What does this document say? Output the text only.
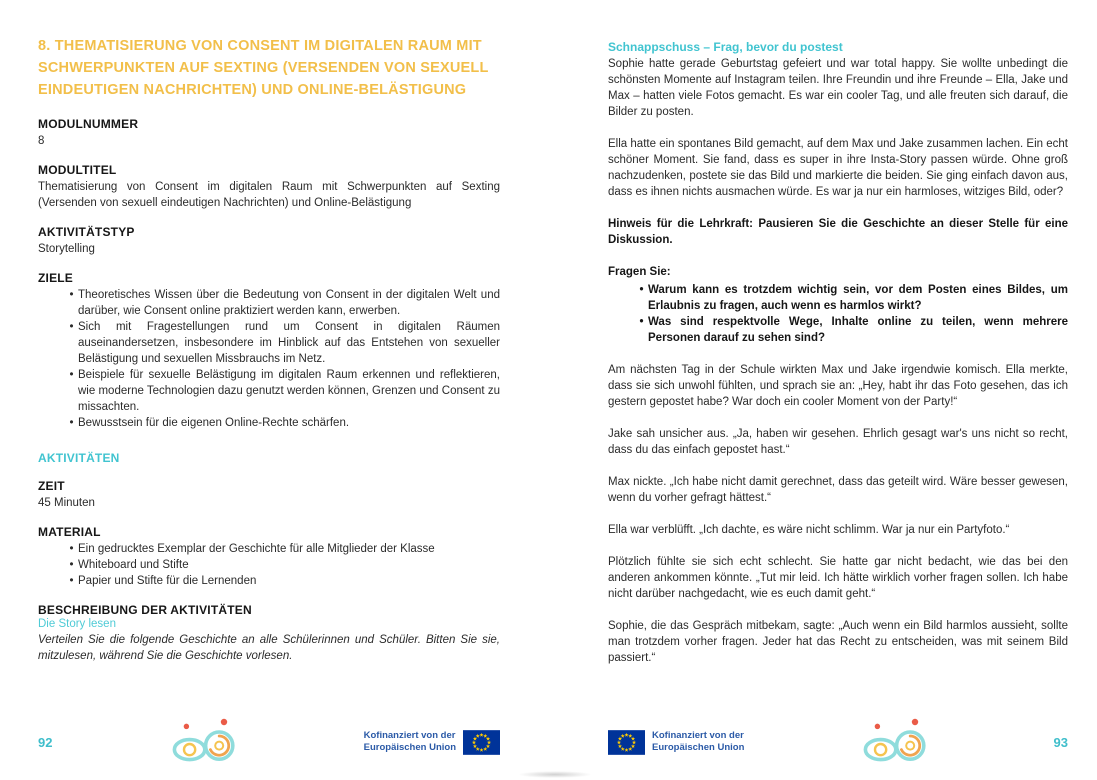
8. THEMATISIERUNG VON CONSENT IM DIGITALEN RAUM MIT SCHWERPUNKTEN AUF SEXTING (VERSENDEN VON SEXUELL EINDEUTIGEN NACHRICHTEN) UND ONLINE-BELÄSTIGUNG
MODULNUMMER
8
MODULTITEL
Thematisierung von Consent im digitalen Raum mit Schwerpunkten auf Sexting (Versenden von sexuell eindeutigen Nachrichten) und Online-Belästigung
AKTIVITÄTSTYP
Storytelling
ZIELE
• Theoretisches Wissen über die Bedeutung von Consent in der digitalen Welt und darüber, wie Consent online praktiziert werden kann, erwerben.
• Sich mit Fragestellungen rund um Consent in digitalen Räumen auseinandersetzen, insbesondere im Hinblick auf das Entstehen von sexueller Belästigung und sexuellen Missbrauchs im Netz.
• Beispiele für sexuelle Belästigung im digitalen Raum erkennen und reflektieren, wie moderne Technologien dazu genutzt werden können, Grenzen und Consent zu missachten.
• Bewusstsein für die eigenen Online-Rechte schärfen.
AKTIVITÄTEN
ZEIT
45 Minuten
MATERIAL
• Ein gedrucktes Exemplar der Geschichte für alle Mitglieder der Klasse
• Whiteboard und Stifte
• Papier und Stifte für die Lernenden
BESCHREIBUNG DER AKTIVITÄTEN
Die Story lesen
Verteilen Sie die folgende Geschichte an alle Schülerinnen und Schüler. Bitten Sie sie, mitzulesen, während Sie die Geschichte vorlesen.
Schnappschuss – Frag, bevor du postest
Sophie hatte gerade Geburtstag gefeiert und war total happy. Sie wollte unbedingt die schönsten Momente auf Instagram teilen. Ihre Freundin und ihre Freunde – Ella, Jake und Max – hatten viele Fotos gemacht. Es war ein cooler Tag, und alle freuten sich darauf, die Bilder zu posten.
Ella hatte ein spontanes Bild gemacht, auf dem Max und Jake zusammen lachen. Ein echt schöner Moment. Sie fand, dass es super in ihre Insta-Story passen würde. Ohne groß nachzudenken, postete sie das Bild und markierte die beiden. Sie ging einfach davon aus, dass es ihnen nichts ausmachen würde. Es war ja nur ein harmloses, witziges Bild, oder?
Hinweis für die Lehrkraft: Pausieren Sie die Geschichte an dieser Stelle für eine Diskussion.
Fragen Sie:
• Warum kann es trotzdem wichtig sein, vor dem Posten eines Bildes, um Erlaubnis zu fragen, auch wenn es harmlos wirkt?
• Was sind respektvolle Wege, Inhalte online zu teilen, wenn mehrere Personen darauf zu sehen sind?
Am nächsten Tag in der Schule wirkten Max und Jake irgendwie komisch. Ella merkte, dass sie sich unwohl fühlten, und sprach sie an: „Hey, habt ihr das Foto gesehen, das ich gestern gepostet habe? War doch ein cooler Moment von der Party!“
Jake sah unsicher aus. „Ja, haben wir gesehen. Ehrlich gesagt war's uns nicht so recht, dass du das einfach gepostet hast.“
Max nickte. „Ich habe nicht damit gerechnet, dass das geteilt wird. Wäre besser gewesen, wenn du vorher gefragt hättest.“
Ella war verblüfft. „Ich dachte, es wäre nicht schlimm. War ja nur ein Partyfoto.“
Plötzlich fühlte sie sich echt schlecht. Sie hatte gar nicht bedacht, wie das bei den anderen ankommen könnte. „Tut mir leid. Ich hätte wirklich vorher fragen sollen. Ich habe nicht darüber nachgedacht, wie es euch damit geht.“
Sophie, die das Gespräch mitbekam, sagte: „Auch wenn ein Bild harmlos aussieht, sollte man trotzdem vorher fragen. Jeder hat das Recht zu entscheiden, was mit seinem Bild passiert.“
92	Kofinanziert von der
Europäischen Union
Kofinanziert von der
Europäischen Union	93
